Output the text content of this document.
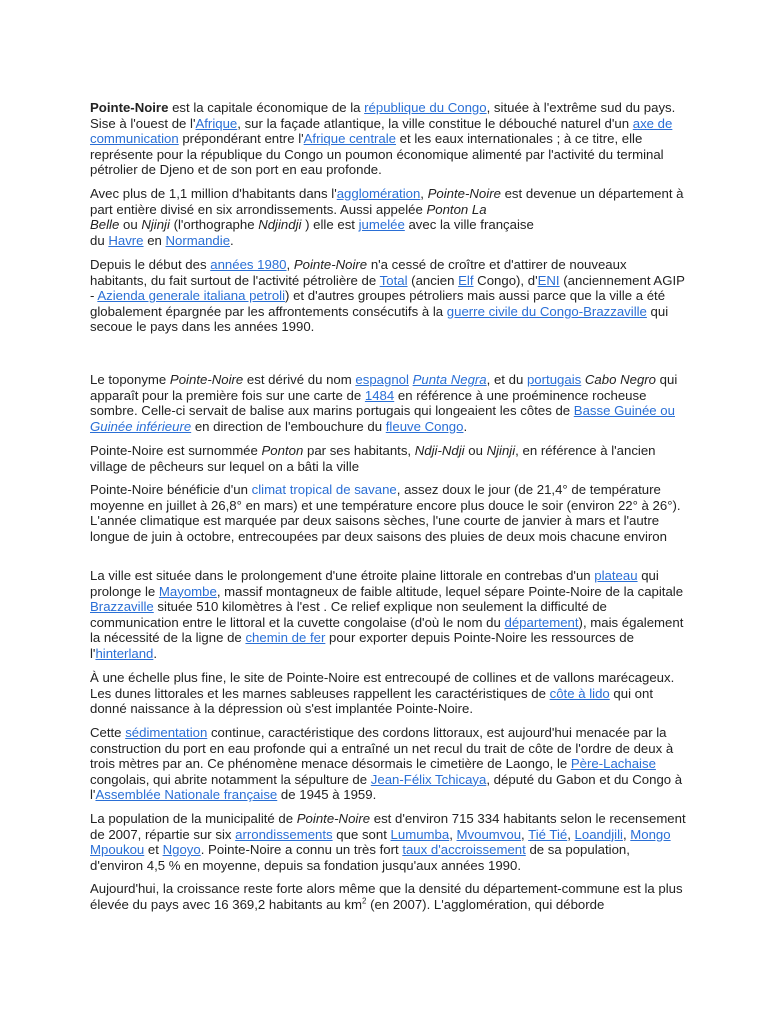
Pointe-Noire est la capitale économique de la république du Congo, située à l'extrême sud du pays. Sise à l'ouest de l'Afrique, sur la façade atlantique, la ville constitue le débouché naturel d'un axe de communication prépondérant entre l'Afrique centrale et les eaux internationales ; à ce titre, elle représente pour la république du Congo un poumon économique alimenté par l'activité du terminal pétrolier de Djeno et de son port en eau profonde.

Avec plus de 1,1 million d'habitants dans l'agglomération, Pointe-Noire est devenue un département à part entière divisé en six arrondissements. Aussi appelée Ponton La
Belle ou Njinji (l'orthographe Ndjindji ) elle est jumelée avec la ville française
du Havre en Normandie.

Depuis le début des années 1980, Pointe-Noire n'a cessé de croître et d'attirer de nouveaux habitants, du fait surtout de l'activité pétrolière de Total (ancien Elf Congo), d'ENI (anciennement AGIP - Azienda generale italiana petroli) et d'autres groupes pétroliers mais aussi parce que la ville a été globalement épargnée par les affrontements consécutifs à la guerre civile du Congo-Brazzaville qui secoue le pays dans les années 1990.

Le toponyme Pointe-Noire est dérivé du nom espagnol Punta Negra, et du portugais Cabo Negro qui apparaît pour la première fois sur une carte de 1484 en référence à une proéminence rocheuse sombre. Celle-ci servait de balise aux marins portugais qui longeaient les côtes de Basse Guinée ou Guinée inférieure en direction de l'embouchure du fleuve Congo.

Pointe-Noire est surnommée Ponton par ses habitants, Ndji-Ndji ou Njinji, en référence à l'ancien village de pêcheurs sur lequel on a bâti la ville

Pointe-Noire bénéficie d'un climat tropical de savane, assez doux le jour (de 21,4° de température moyenne en juillet à 26,8° en mars) et une température encore plus douce le soir (environ 22° à 26°). L'année climatique est marquée par deux saisons sèches, l'une courte de janvier à mars et l'autre longue de juin à octobre, entrecoupées par deux saisons des pluies de deux mois chacune environ

La ville est située dans le prolongement d'une étroite plaine littorale en contrebas d'un plateau qui prolonge le Mayombe, massif montagneux de faible altitude, lequel sépare Pointe-Noire de la capitale Brazzaville située 510 kilomètres à l'est . Ce relief explique non seulement la difficulté de communication entre le littoral et la cuvette congolaise (d'où le nom du département), mais également la nécessité de la ligne de chemin de fer pour exporter depuis Pointe-Noire les ressources de l'hinterland.

À une échelle plus fine, le site de Pointe-Noire est entrecoupé de collines et de vallons marécageux. Les dunes littorales et les marnes sableuses rappellent les caractéristiques de côte à lido qui ont donné naissance à la dépression où s'est implantée Pointe-Noire.

Cette sédimentation continue, caractéristique des cordons littoraux, est aujourd'hui menacée par la construction du port en eau profonde qui a entraîné un net recul du trait de côte de l'ordre de deux à trois mètres par an. Ce phénomène menace désormais le cimetière de Laongo, le Père-Lachaise congolais, qui abrite notamment la sépulture de Jean-Félix Tchicaya, député du Gabon et du Congo à l'Assemblée Nationale française de 1945 à 1959.

La population de la municipalité de Pointe-Noire est d'environ 715 334 habitants selon le recensement de 2007, répartie sur six arrondissements que sont Lumumba, Mvoumvou, Tié Tié, Loandjili, Mongo Mpoukou et Ngoyo. Pointe-Noire a connu un très fort taux d'accroissement de sa population, d'environ 4,5 % en moyenne, depuis sa fondation jusqu'aux années 1990.

Aujourd'hui, la croissance reste forte alors même que la densité du département-commune est la plus élevée du pays avec 16 369,2 habitants au $km^2$ (en 2007). L'agglomération, qui déborde
